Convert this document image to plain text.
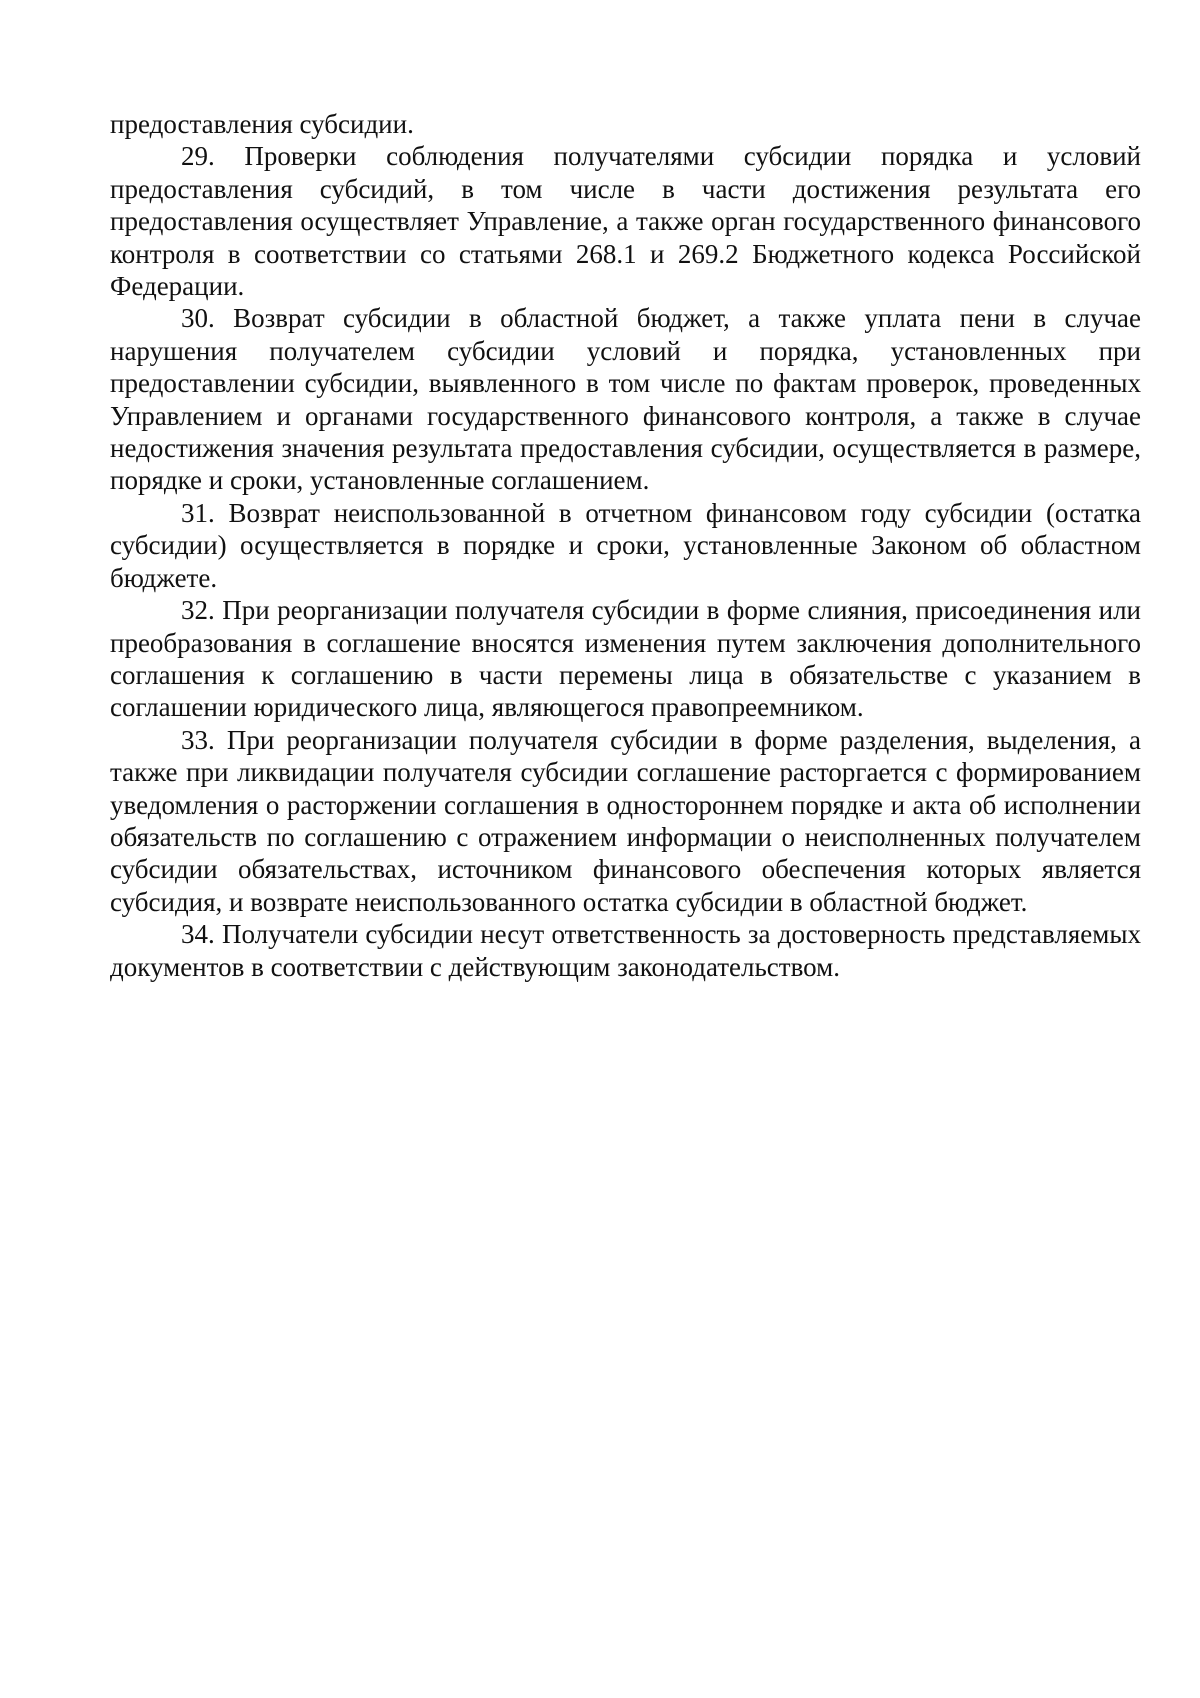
предоставления субсидии.

29. Проверки соблюдения получателями субсидии порядка и условий предоставления субсидий, в том числе в части достижения результата его предоставления осуществляет Управление, а также орган государственного финансового контроля в соответствии со статьями 268.1 и 269.2 Бюджетного кодекса Российской Федерации.

30. Возврат субсидии в областной бюджет, а также уплата пени в случае нарушения получателем субсидии условий и порядка, установленных при предоставлении субсидии, выявленного в том числе по фактам проверок, проведенных Управлением и органами государственного финансового контроля, а также в случае недостижения значения результата предоставления субсидии, осуществляется в размере, порядке и сроки, установленные соглашением.

31. Возврат неиспользованной в отчетном финансовом году субсидии (остатка субсидии) осуществляется в порядке и сроки, установленные Законом об областном бюджете.

32. При реорганизации получателя субсидии в форме слияния, присоединения или преобразования в соглашение вносятся изменения путем заключения дополнительного соглашения к соглашению в части перемены лица в обязательстве с указанием в соглашении юридического лица, являющегося правопреемником.

33. При реорганизации получателя субсидии в форме разделения, выделения, а также при ликвидации получателя субсидии соглашение расторгается с формированием уведомления о расторжении соглашения в одностороннем порядке и акта об исполнении обязательств по соглашению с отражением информации о неисполненных получателем субсидии обязательствах, источником финансового обеспечения которых является субсидия, и возврате неиспользованного остатка субсидии в областной бюджет.

34. Получатели субсидии несут ответственность за достоверность представляемых документов в соответствии с действующим законодательством.
